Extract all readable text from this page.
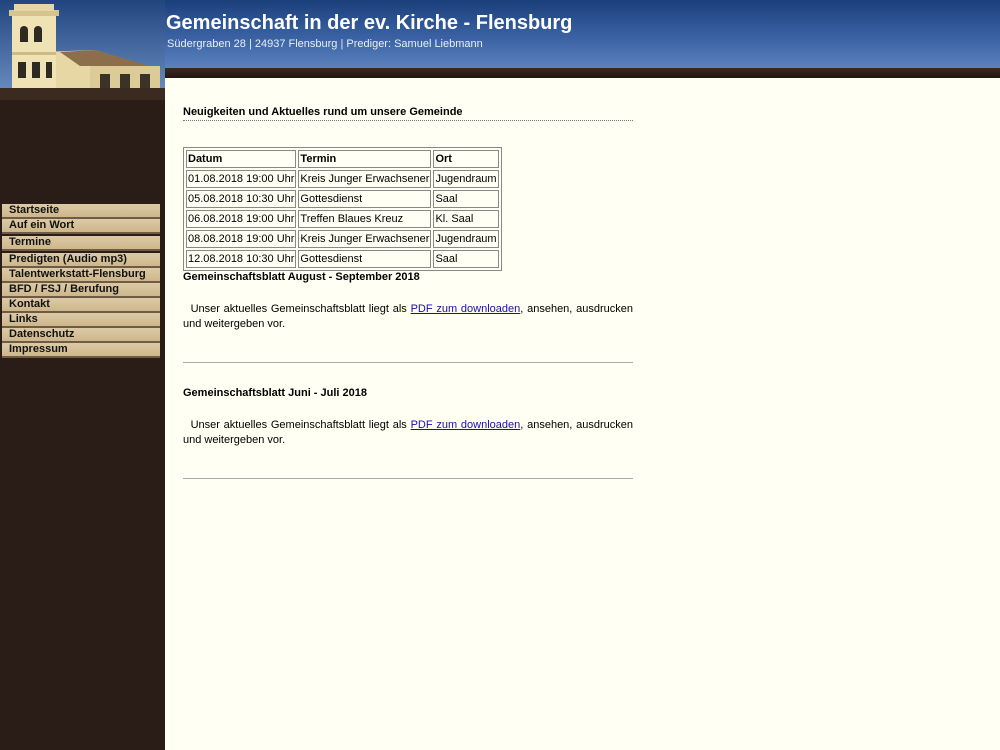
Gemeinschaft in der ev. Kirche - Flensburg
Südergraben 28 | 24937 Flensburg | Prediger: Samuel Liebmann
Startseite
Auf ein Wort
Termine
Predigten (Audio mp3)
Talentwerkstatt-Flensburg
BFD / FSJ / Berufung
Kontakt
Links
Datenschutz
Impressum
Neuigkeiten und Aktuelles rund um unsere Gemeinde
Datum	Termin	Ort
01.08.2018 19:00 Uhr	Kreis Junger Erwachsener	Jugendraum
05.08.2018 10:30 Uhr	Gottesdienst	Saal
06.08.2018 19:00 Uhr	Treffen Blaues Kreuz	Kl. Saal
08.08.2018 19:00 Uhr	Kreis Junger Erwachsener	Jugendraum
12.08.2018 10:30 Uhr	Gottesdienst	Saal
Gemeinschaftsblatt August - September 2018

Unser aktuelles Gemeinschaftsblatt liegt als PDF zum downloaden, ansehen, ausdrucken und weitergeben vor.

Gemeinschaftsblatt Juni - Juli 2018

Unser aktuelles Gemeinschaftsblatt liegt als PDF zum downloaden, ansehen, ausdrucken und weitergeben vor.
